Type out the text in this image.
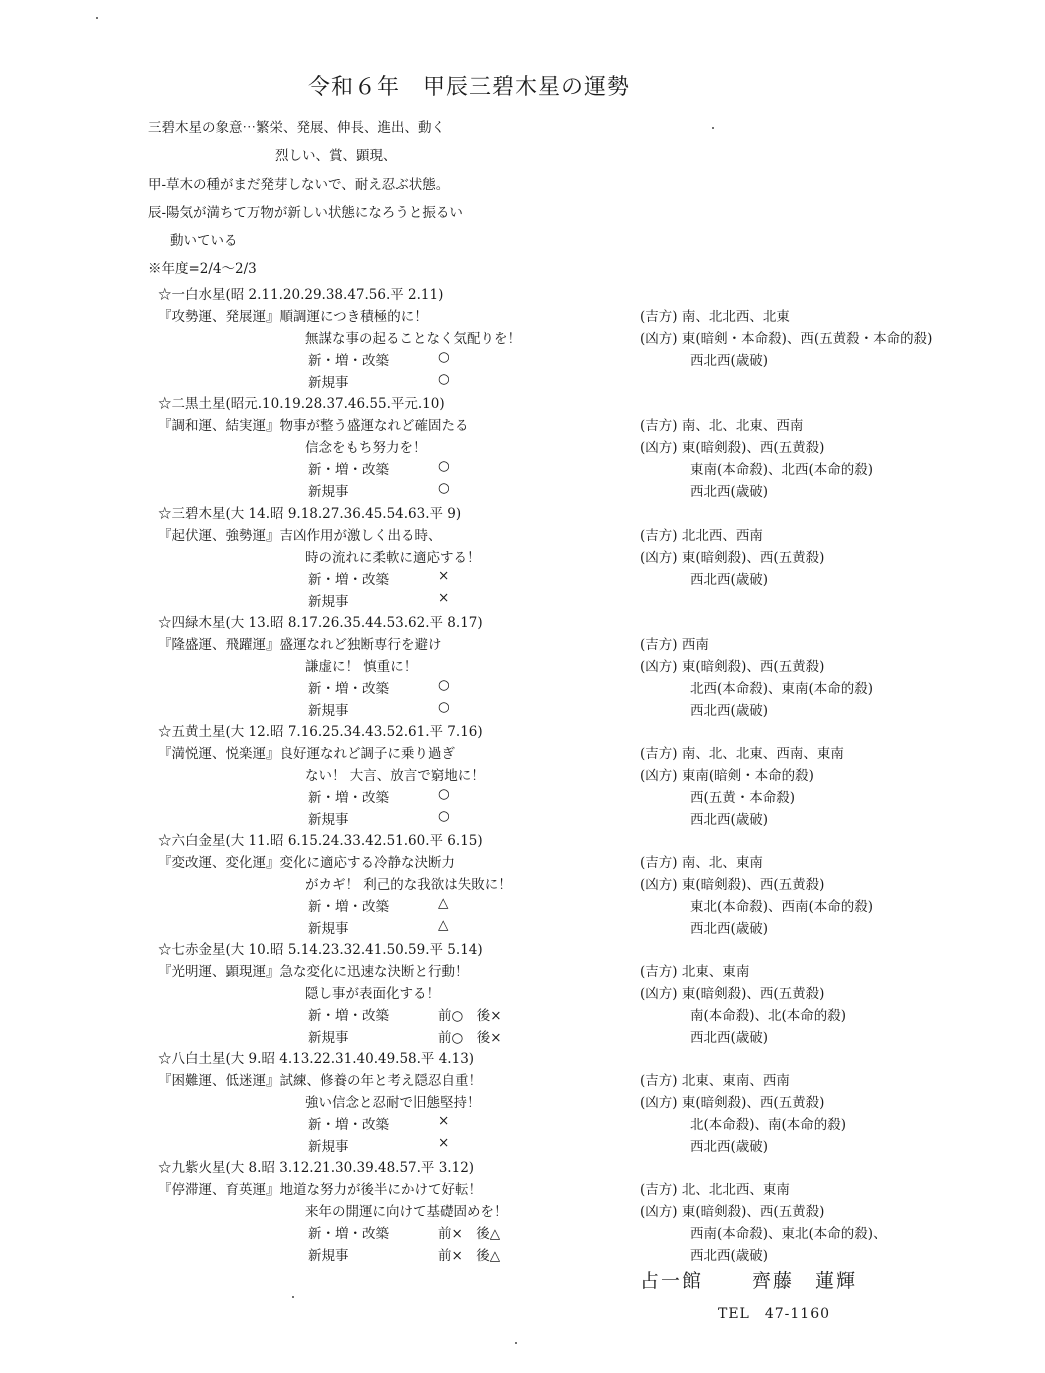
令和６年　甲辰三碧木星の運勢
三碧木星の象意⋯繁栄、発展、伸長、進出、動く
烈しい、賞、顕現、
甲-草木の種がまだ発芽しないで、耐え忍ぶ状態。
辰-陽気が満ちて万物が新しい状態になろうと振るい
動いている
※年度=2/4〜2/3
☆一白水星(昭 2.11.20.29.38.47.56.平 2.11)
『攻勢運、発展運』順調運につき積極的に！
無謀な事の起ることなく気配りを！
新・増・改築	○
新規事	○
(吉方) 南、北北西、北東
(凶方) 東(暗剣・本命殺)、西(五黄殺・本命的殺)
西北西(歳破)
☆二黒土星(昭元.10.19.28.37.46.55.平元.10)
『調和運、結実運』物事が整う盛運なれど確固たる
信念をもち努力を！
新・増・改築	○
新規事	○
(吉方) 南、北、北東、西南
(凶方) 東(暗剣殺)、西(五黄殺)
東南(本命殺)、北西(本命的殺)
西北西(歳破)
☆三碧木星(大 14.昭 9.18.27.36.45.54.63.平 9)
『起伏運、強勢運』吉凶作用が激しく出る時、
時の流れに柔軟に適応する！
新・増・改築	×
新規事	×
(吉方) 北北西、西南
(凶方) 東(暗剣殺)、西(五黄殺)
西北西(歳破)
☆四緑木星(大 13.昭 8.17.26.35.44.53.62.平 8.17)
『隆盛運、飛躍運』盛運なれど独断専行を避け
謙虚に！ 慎重に！
新・増・改築	○
新規事	○
(吉方) 西南
(凶方) 東(暗剣殺)、西(五黄殺)
北西(本命殺)、東南(本命的殺)
西北西(歳破)
☆五黄土星(大 12.昭 7.16.25.34.43.52.61.平 7.16)
『満悦運、悦楽運』良好運なれど調子に乗り過ぎ
ない！ 大言、放言で窮地に！
新・増・改築	○
新規事	○
(吉方) 南、北、北東、西南、東南
(凶方) 東南(暗剣・本命的殺)
西(五黄・本命殺)
西北西(歳破)
☆六白金星(大 11.昭 6.15.24.33.42.51.60.平 6.15)
『変改運、変化運』変化に適応する冷静な決断力
がカギ！ 利己的な我欲は失敗に！
新・増・改築	△
新規事	△
(吉方) 南、北、東南
(凶方) 東(暗剣殺)、西(五黄殺)
東北(本命殺)、西南(本命的殺)
西北西(歳破)
☆七赤金星(大 10.昭 5.14.23.32.41.50.59.平 5.14)
『光明運、顕現運』急な変化に迅速な決断と行動！
隠し事が表面化する！
新・増・改築	前○　後×
新規事	前○　後×
(吉方) 北東、東南
(凶方) 東(暗剣殺)、西(五黄殺)
南(本命殺)、北(本命的殺)
西北西(歳破)
☆八白土星(大 9.昭 4.13.22.31.40.49.58.平 4.13)
『困難運、低迷運』試練、修養の年と考え隠忍自重！
強い信念と忍耐で旧態堅持！
新・増・改築	×
新規事	×
(吉方) 北東、東南、西南
(凶方) 東(暗剣殺)、西(五黄殺)
北(本命殺)、南(本命的殺)
西北西(歳破)
☆九紫火星(大 8.昭 3.12.21.30.39.48.57.平 3.12)
『停滞運、育英運』地道な努力が後半にかけて好転！
来年の開運に向けて基礎固めを！
新・増・改築	前×　後△
新規事	前×　後△
(吉方) 北、北北西、東南
(凶方) 東(暗剣殺)、西(五黄殺)
西南(本命殺)、東北(本命的殺)、
西北西(歳破)
占一館	齊藤　蓮輝
TEL　47-1160
